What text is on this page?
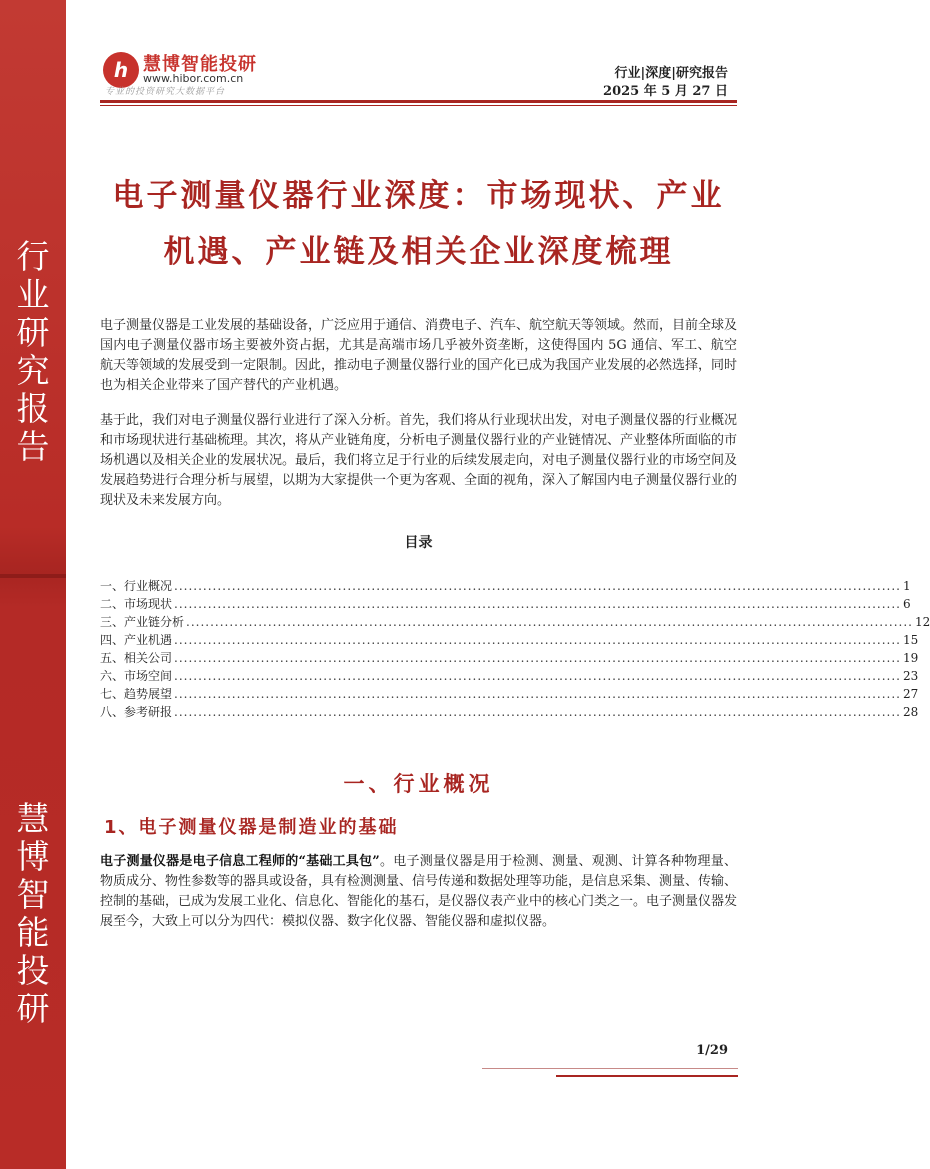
行业研究报告
慧博智能投研
h 慧博智能投研
www.hibor.com.cn
专业的投资研究大数据平台
行业|深度|研究报告
2025 年 5 月 27 日
电子测量仪器行业深度：市场现状、产业机遇、产业链及相关企业深度梳理
电子测量仪器是工业发展的基础设备，广泛应用于通信、消费电子、汽车、航空航天等领域。然而，目前全球及国内电子测量仪器市场主要被外资占据，尤其是高端市场几乎被外资垄断，这使得国内 5G 通信、军工、航空航天等领域的发展受到一定限制。因此，推动电子测量仪器行业的国产化已成为我国产业发展的必然选择，同时也为相关企业带来了国产替代的产业机遇。
基于此，我们对电子测量仪器行业进行了深入分析。首先，我们将从行业现状出发，对电子测量仪器的行业概况和市场现状进行基础梳理。其次，将从产业链角度，分析电子测量仪器行业的产业链情况、产业整体所面临的市场机遇以及相关企业的发展状况。最后，我们将立足于行业的后续发展走向，对电子测量仪器行业的市场空间及发展趋势进行合理分析与展望，以期为大家提供一个更为客观、全面的视角，深入了解国内电子测量仪器行业的现状及未来发展方向。
目录
一、行业概况 ....................................................................................................................................................... 1
二、市场现状 ....................................................................................................................................................... 6
三、产业链分析 ....................................................................................................................................................... 12
四、产业机遇 ....................................................................................................................................................... 15
五、相关公司 ....................................................................................................................................................... 19
六、市场空间 ....................................................................................................................................................... 23
七、趋势展望 ....................................................................................................................................................... 27
八、参考研报 ....................................................................................................................................................... 28
一、行业概况
1、电子测量仪器是制造业的基础
电子测量仪器是电子信息工程师的“基础工具包”。电子测量仪器是用于检测、测量、观测、计算各种物理量、物质成分、物性参数等的器具或设备，具有检测测量、信号传递和数据处理等功能，是信息采集、测量、传输、控制的基础，已成为发展工业化、信息化、智能化的基石，是仪器仪表产业中的核心门类之一。电子测量仪器发展至今，大致上可以分为四代：模拟仪器、数字化仪器、智能仪器和虚拟仪器。
1/29
